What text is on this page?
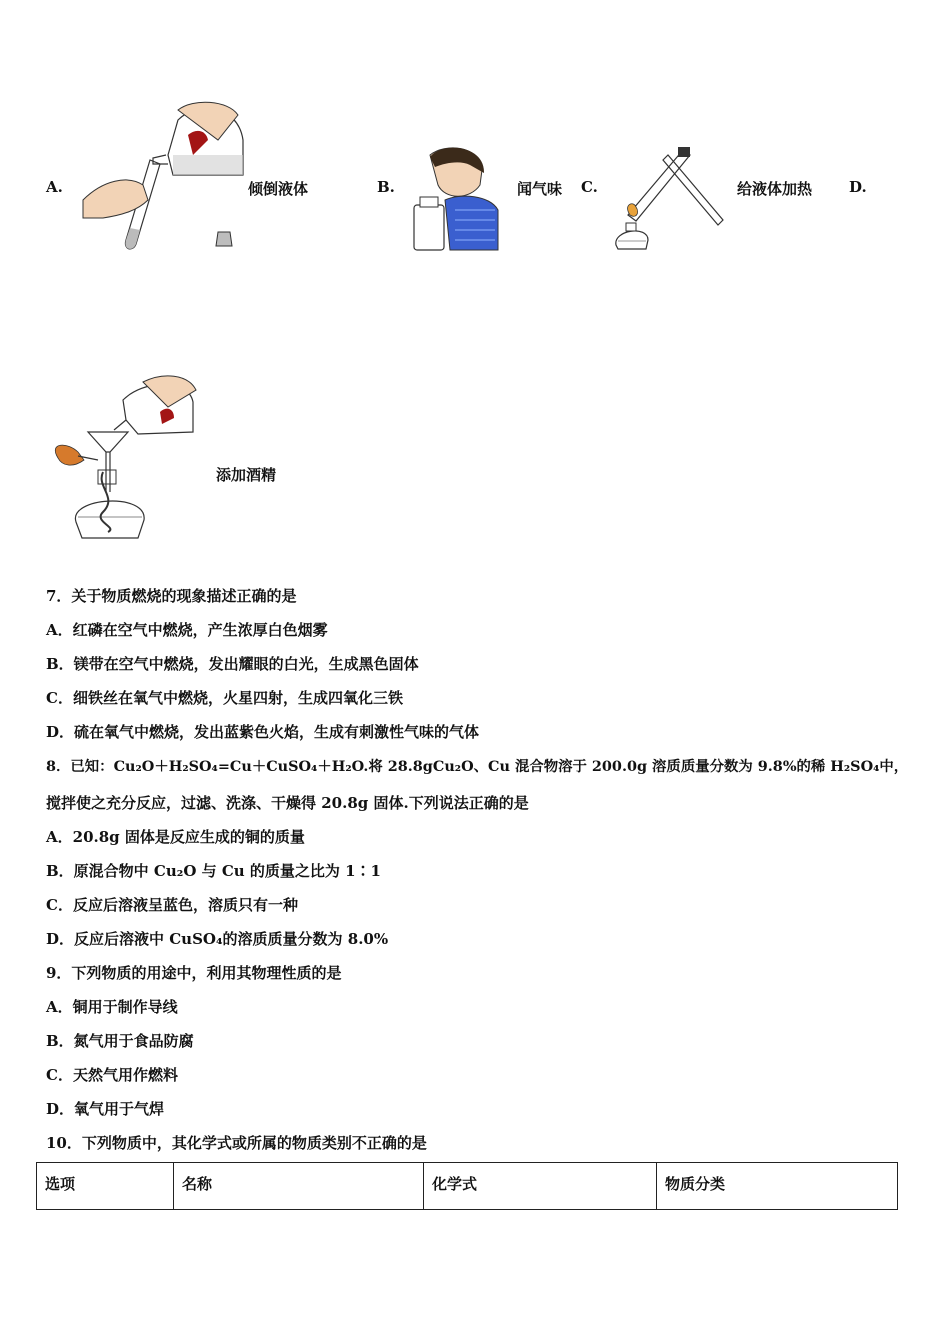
A.	倾倒液体	B.	闻气味 C.	给液体加热 D.
添加酒精
7．关于物质燃烧的现象描述正确的是
A．红磷在空气中燃烧，产生浓厚白色烟雾
B．镁带在空气中燃烧，发出耀眼的白光，生成黑色固体
C．细铁丝在氧气中燃烧，火星四射，生成四氧化三铁
D．硫在氧气中燃烧，发出蓝紫色火焰，生成有刺激性气味的气体
8．已知：Cu₂O＋H₂SO₄=Cu＋CuSO₄＋H₂O.将 28.8gCu₂O、Cu 混合物溶于 200.0g 溶质质量分数为 9.8%的稀 H₂SO₄中，
搅拌使之充分反应，过滤、洗涤、干燥得 20.8g 固体.下列说法正确的是
A．20.8g 固体是反应生成的铜的质量
B．原混合物中 Cu₂O 与 Cu 的质量之比为 1∶1
C．反应后溶液呈蓝色，溶质只有一种
D．反应后溶液中 CuSO₄的溶质质量分数为 8.0%
9．下列物质的用途中，利用其物理性质的是
A．铜用于制作导线
B．氮气用于食品防腐
C．天然气用作燃料
D．氧气用于气焊
10．下列物质中，其化学式或所属的物质类别不正确的是
选项	名称	化学式	物质分类
